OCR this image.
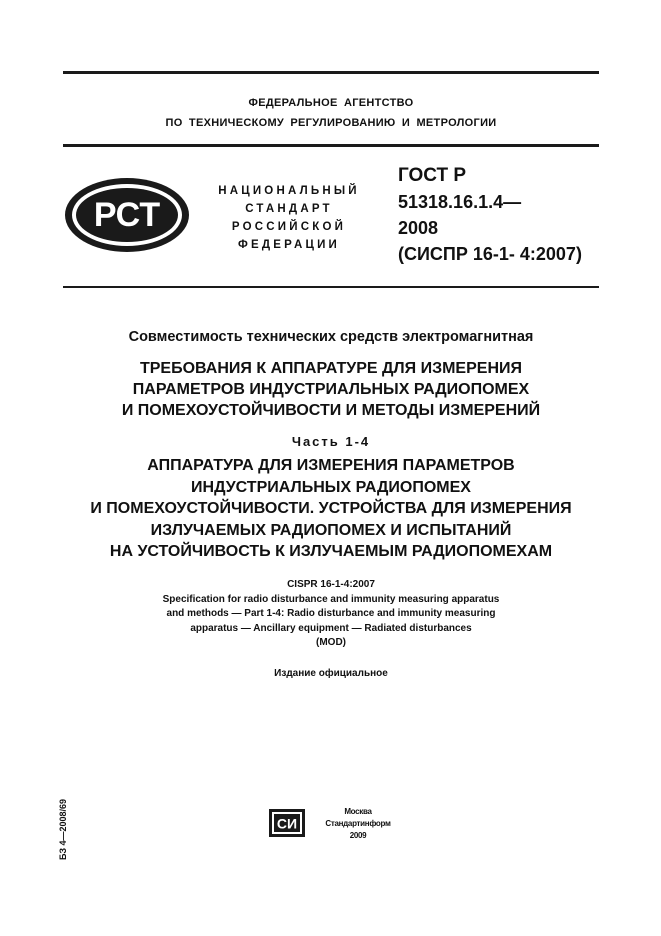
ФЕДЕРАЛЬНОЕ АГЕНТСТВО
ПО ТЕХНИЧЕСКОМУ РЕГУЛИРОВАНИЮ И МЕТРОЛОГИИ
РСТ
НАЦИОНАЛЬНЫЙ
СТАНДАРТ
РОССИЙСКОЙ
ФЕДЕРАЦИИ
ГОСТ Р
51318.16.1.4—
2008
(СИСПР 16-1- 4:2007)
Совместимость технических средств электромагнитная
ТРЕБОВАНИЯ К АППАРАТУРЕ ДЛЯ ИЗМЕРЕНИЯ
ПАРАМЕТРОВ ИНДУСТРИАЛЬНЫХ РАДИОПОМЕХ
И ПОМЕХОУСТОЙЧИВОСТИ И МЕТОДЫ ИЗМЕРЕНИЙ
Часть 1-4
АППАРАТУРА ДЛЯ ИЗМЕРЕНИЯ ПАРАМЕТРОВ
ИНДУСТРИАЛЬНЫХ РАДИОПОМЕХ
И ПОМЕХОУСТОЙЧИВОСТИ. УСТРОЙСТВА ДЛЯ ИЗМЕРЕНИЯ
ИЗЛУЧАЕМЫХ РАДИОПОМЕХ И ИСПЫТАНИЙ
НА УСТОЙЧИВОСТЬ К ИЗЛУЧАЕМЫМ РАДИОПОМЕХАМ
CISPR 16-1-4:2007
Specification for radio disturbance and immunity measuring apparatus
and methods — Part 1-4: Radio disturbance and immunity measuring
apparatus — Ancillary equipment — Radiated disturbances
(MOD)
Издание официальное
БЗ 4—2008/69	СИ
Москва
Стандартинформ
2009
